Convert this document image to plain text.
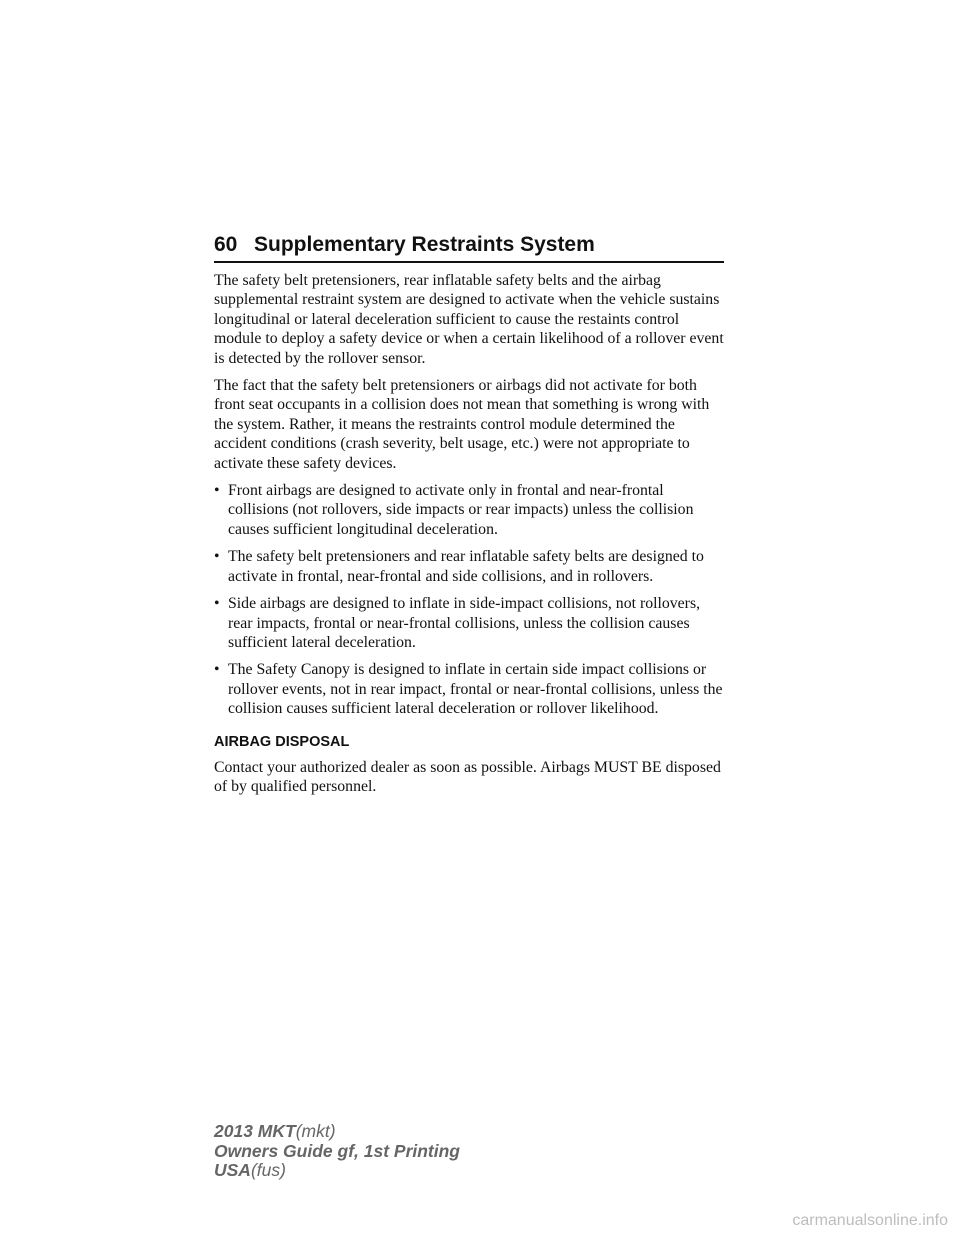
60 Supplementary Restraints System

The safety belt pretensioners, rear inflatable safety belts and the airbag supplemental restraint system are designed to activate when the vehicle sustains longitudinal or lateral deceleration sufficient to cause the restaints control module to deploy a safety device or when a certain likelihood of a rollover event is detected by the rollover sensor.

The fact that the safety belt pretensioners or airbags did not activate for both front seat occupants in a collision does not mean that something is wrong with the system. Rather, it means the restraints control module determined the accident conditions (crash severity, belt usage, etc.) were not appropriate to activate these safety devices.

• Front airbags are designed to activate only in frontal and near-frontal collisions (not rollovers, side impacts or rear impacts) unless the collision causes sufficient longitudinal deceleration.
• The safety belt pretensioners and rear inflatable safety belts are designed to activate in frontal, near-frontal and side collisions, and in rollovers.
• Side airbags are designed to inflate in side-impact collisions, not rollovers, rear impacts, frontal or near-frontal collisions, unless the collision causes sufficient lateral deceleration.
• The Safety Canopy is designed to inflate in certain side impact collisions or rollover events, not in rear impact, frontal or near-frontal collisions, unless the collision causes sufficient lateral deceleration or rollover likelihood.
AIRBAG DISPOSAL

Contact your authorized dealer as soon as possible. Airbags MUST BE disposed of by qualified personnel.

2013 MKT(mkt)
Owners Guide gf, 1st Printing
USA(fus)
carmanualsonline.info
